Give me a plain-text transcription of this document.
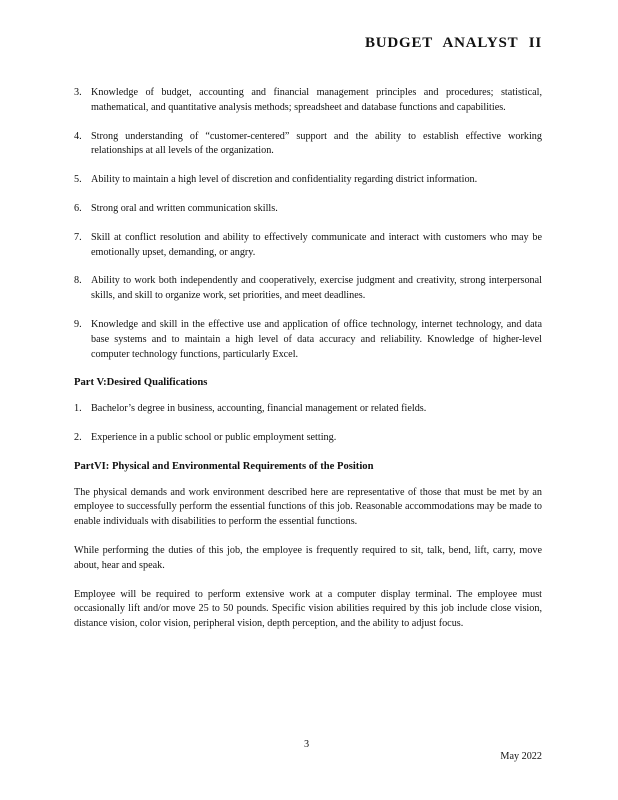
BUDGET ANALYST II
3. Knowledge of budget, accounting and financial management principles and procedures; statistical, mathematical, and quantitative analysis methods; spreadsheet and database functions and capabilities.
4. Strong understanding of “customer-centered” support and the ability to establish effective working relationships at all levels of the organization.
5. Ability to maintain a high level of discretion and confidentiality regarding district information.
6. Strong oral and written communication skills.
7. Skill at conflict resolution and ability to effectively communicate and interact with customers who may be emotionally upset, demanding, or angry.
8. Ability to work both independently and cooperatively, exercise judgment and creativity, strong interpersonal skills, and skill to organize work, set priorities, and meet deadlines.
9. Knowledge and skill in the effective use and application of office technology, internet technology, and data base systems and to maintain a high level of data accuracy and reliability. Knowledge of higher-level computer technology functions, particularly Excel.
Part V:Desired Qualifications
1. Bachelor’s degree in business, accounting, financial management or related fields.
2. Experience in a public school or public employment setting.
PartVI: Physical and Environmental Requirements of the Position

The physical demands and work environment described here are representative of those that must be met by an employee to successfully perform the essential functions of this job. Reasonable accommodations may be made to enable individuals with disabilities to perform the essential functions.

While performing the duties of this job, the employee is frequently required to sit, talk, bend, lift, carry, move about, hear and speak.

Employee will be required to perform extensive work at a computer display terminal. The employee must occasionally lift and/or move 25 to 50 pounds. Specific vision abilities required by this job include close vision, distance vision, color vision, peripheral vision, depth perception, and the ability to adjust focus.

3
May 2022
